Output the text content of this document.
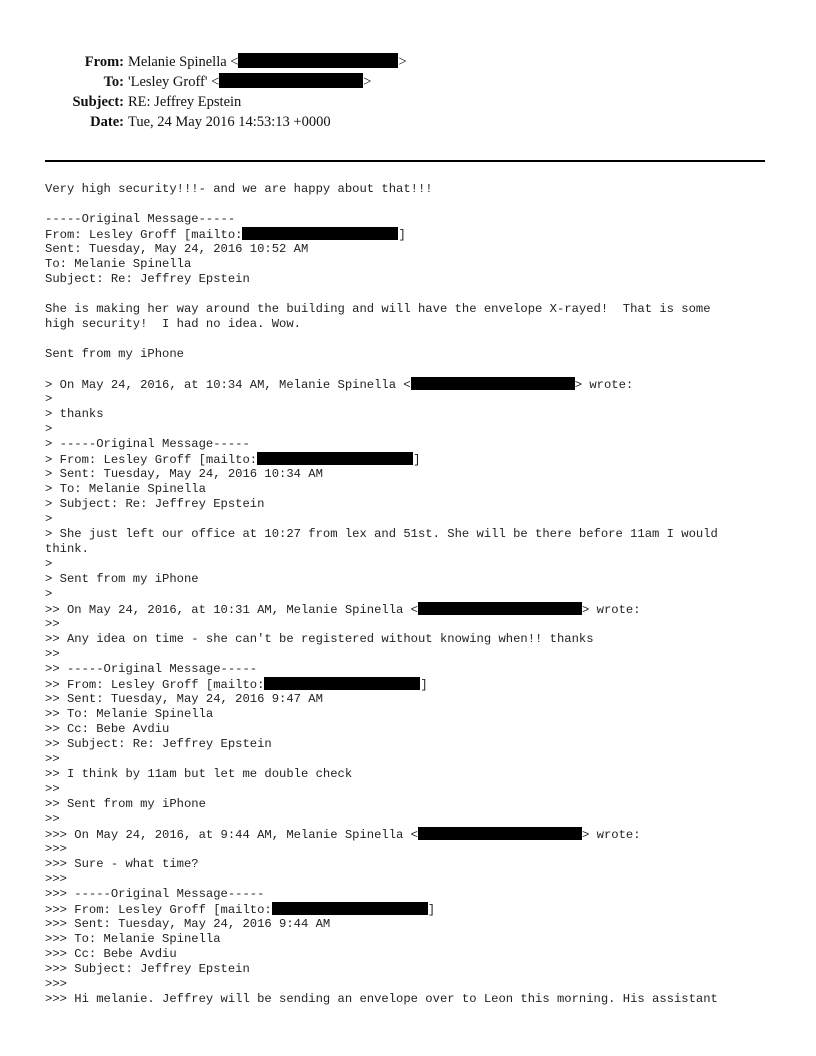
From: Melanie Spinella <	>
To: 'Lesley Groff' <	>
Subject: RE: Jeffrey Epstein
Date: Tue, 24 May 2016 14:53:13 +0000
Very high security!!!- and we are happy about that!!!
-----Original Message-----
From: Lesley Groff [mailto:	]
Sent: Tuesday, May 24, 2016 10:52 AM
To: Melanie Spinella
Subject: Re: Jeffrey Epstein
She is making her way around the building and will have the envelope X-rayed!  That is some
high security!  I had no idea. Wow.
Sent from my iPhone
> On May 24, 2016, at 10:34 AM, Melanie Spinella <	> wrote:
>
> thanks
>
> -----Original Message-----
> From: Lesley Groff [mailto:	]
> Sent: Tuesday, May 24, 2016 10:34 AM
> To: Melanie Spinella
> Subject: Re: Jeffrey Epstein
>
> She just left our office at 10:27 from lex and 51st. She will be there before 11am I would
think.
>
> Sent from my iPhone
>
>> On May 24, 2016, at 10:31 AM, Melanie Spinella <	> wrote:
>>
>> Any idea on time - she can't be registered without knowing when!! thanks
>>
>> -----Original Message-----
>> From: Lesley Groff [mailto:	]
>> Sent: Tuesday, May 24, 2016 9:47 AM
>> To: Melanie Spinella
>> Cc: Bebe Avdiu
>> Subject: Re: Jeffrey Epstein
>>
>> I think by 11am but let me double check
>>
>> Sent from my iPhone
>>
>>> On May 24, 2016, at 9:44 AM, Melanie Spinella <	> wrote:
>>>
>>> Sure - what time?
>>>
>>> -----Original Message-----
>>> From: Lesley Groff [mailto:	]
>>> Sent: Tuesday, May 24, 2016 9:44 AM
>>> To: Melanie Spinella
>>> Cc: Bebe Avdiu
>>> Subject: Jeffrey Epstein
>>>
>>> Hi melanie. Jeffrey will be sending an envelope over to Leon this morning. His assistant
